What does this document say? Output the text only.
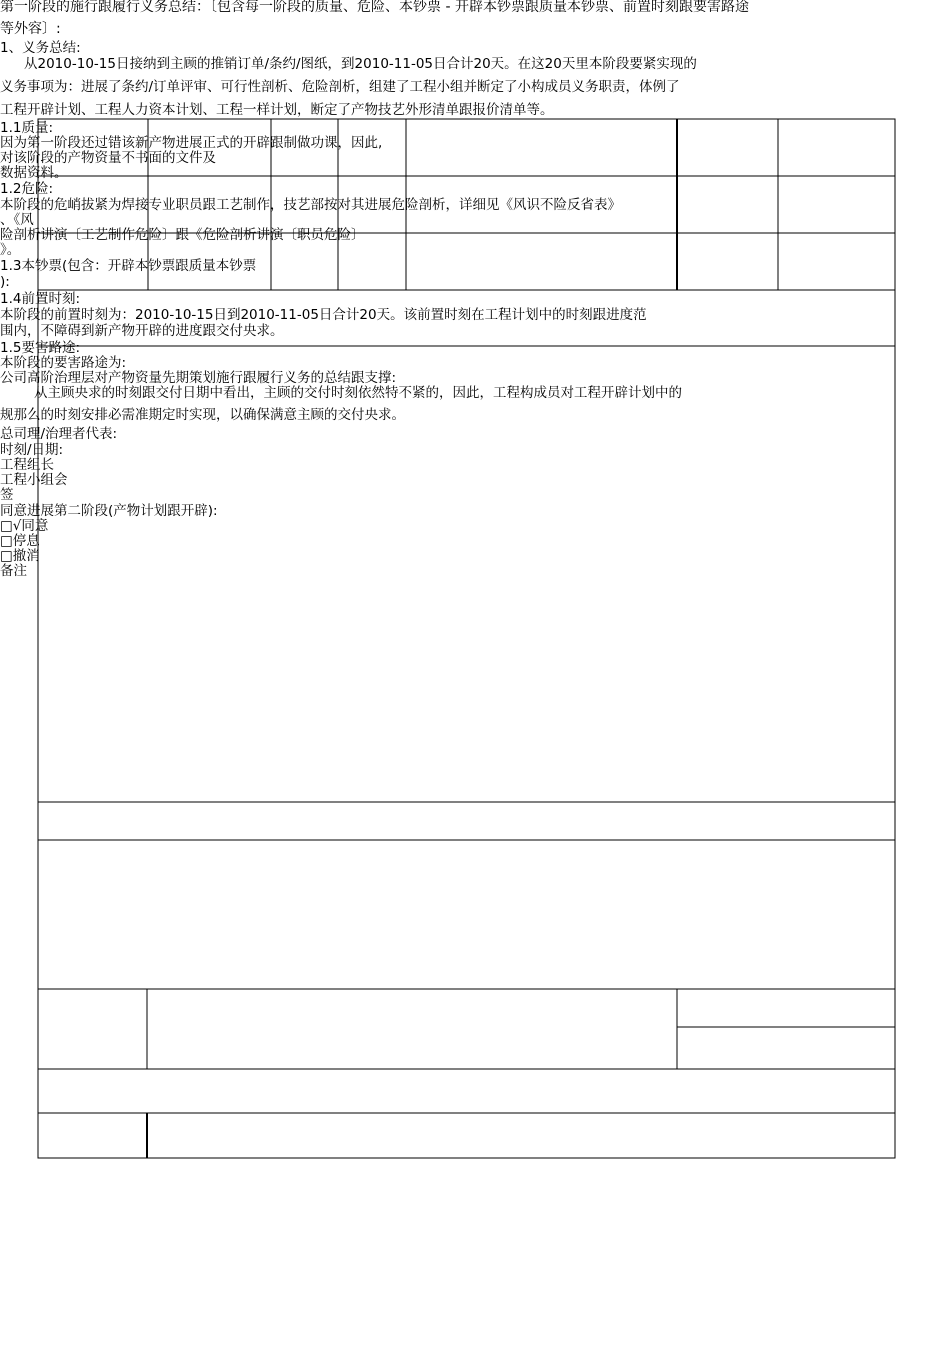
第一阶段的施行跟履行义务总结：〔包含每一阶段的质量、危险、本钞票 - 开辟本钞票跟质量本钞票、前置时刻跟要害路途

等外容〕:

1、义务总结:

从2010-10-15日接纳到主顾的推销订单/条约/图纸，到2010-11-05日合计20天。在这20天里本阶段要紧实现的

义务事项为：进展了条约/订单评审、可行性剖析、危险剖析，组建了工程小组并断定了小构成员义务职责，体例了

工程开辟计划、工程人力资本计划、工程一样计划，断定了产物技艺外形清单跟报价清单等。

1.1质量:

因为第一阶段还过错该新产物进展正式的开辟跟制做功课，因此,

对该阶段的产物资量不书面的文件及

数据资料。

1.2危险:

本阶段的危峭拔紧为焊接专业职员跟工艺制作，技艺部按对其进展危险剖析，详细见《风识不险反省表》

、《风

险剖析讲演〔工艺制作危险〕跟《危险剖析讲演〔职员危险〕

》。

1.3本钞票(包含：开辟本钞票跟质量本钞票

):

1.4前置时刻:

本阶段的前置时刻为：2010-10-15日到2010-11-05日合计20天。该前置时刻在工程计划中的时刻跟进度范

围内，不障碍到新产物开辟的进度跟交付央求。

1.5要害路途:

本阶段的要害路途为:

公司高阶治理层对产物资量先期策划施行跟履行义务的总结跟支撑:

从主顾央求的时刻跟交付日期中看出，主顾的交付时刻依然特不紧的，因此，工程构成员对工程开辟计划中的

规那么的时刻安排必需准期定时实现，以确保满意主顾的交付央求。

总司理/治理者代表:

时刻/日期:

工程组长

工程小组会

签

同意进展第二阶段(产物计划跟开辟):

□√同意

□停息

□撤消

备注
